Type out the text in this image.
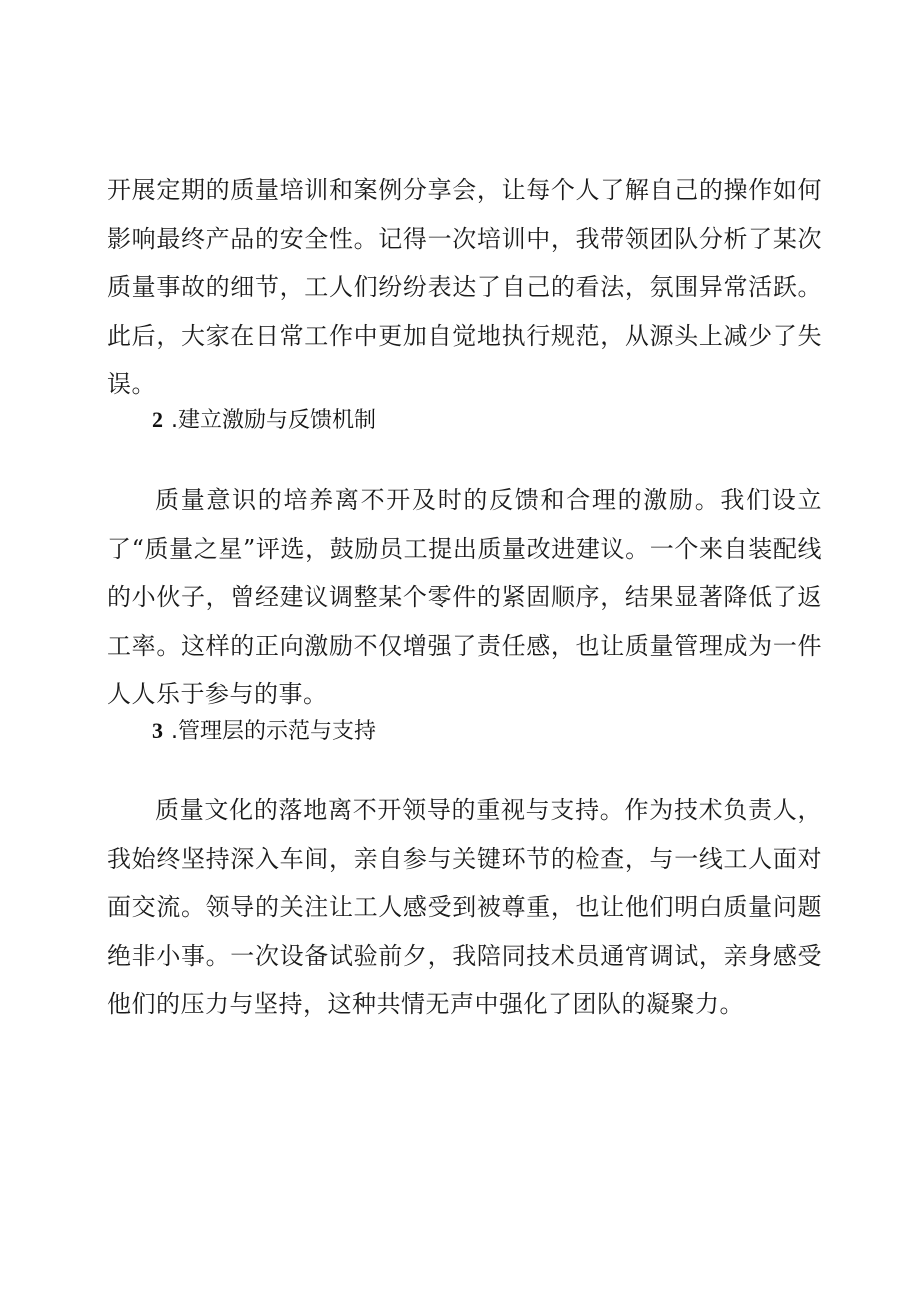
开展定期的质量培训和案例分享会，让每个人了解自己的操作如何影响最终产品的安全性。记得一次培训中，我带领团队分析了某次质量事故的细节，工人们纷纷表达了自己的看法，氛围异常活跃。此后，大家在日常工作中更加自觉地执行规范，从源头上减少了失误。

2 .建立激励与反馈机制

质量意识的培养离不开及时的反馈和合理的激励。我们设立了“质量之星”评选，鼓励员工提出质量改进建议。一个来自装配线的小伙子，曾经建议调整某个零件的紧固顺序，结果显著降低了返工率。这样的正向激励不仅增强了责任感，也让质量管理成为一件人人乐于参与的事。

3 .管理层的示范与支持

质量文化的落地离不开领导的重视与支持。作为技术负责人，我始终坚持深入车间，亲自参与关键环节的检查，与一线工人面对面交流。领导的关注让工人感受到被尊重，也让他们明白质量问题绝非小事。一次设备试验前夕，我陪同技术员通宵调试，亲身感受他们的压力与坚持，这种共情无声中强化了团队的凝聚力。
